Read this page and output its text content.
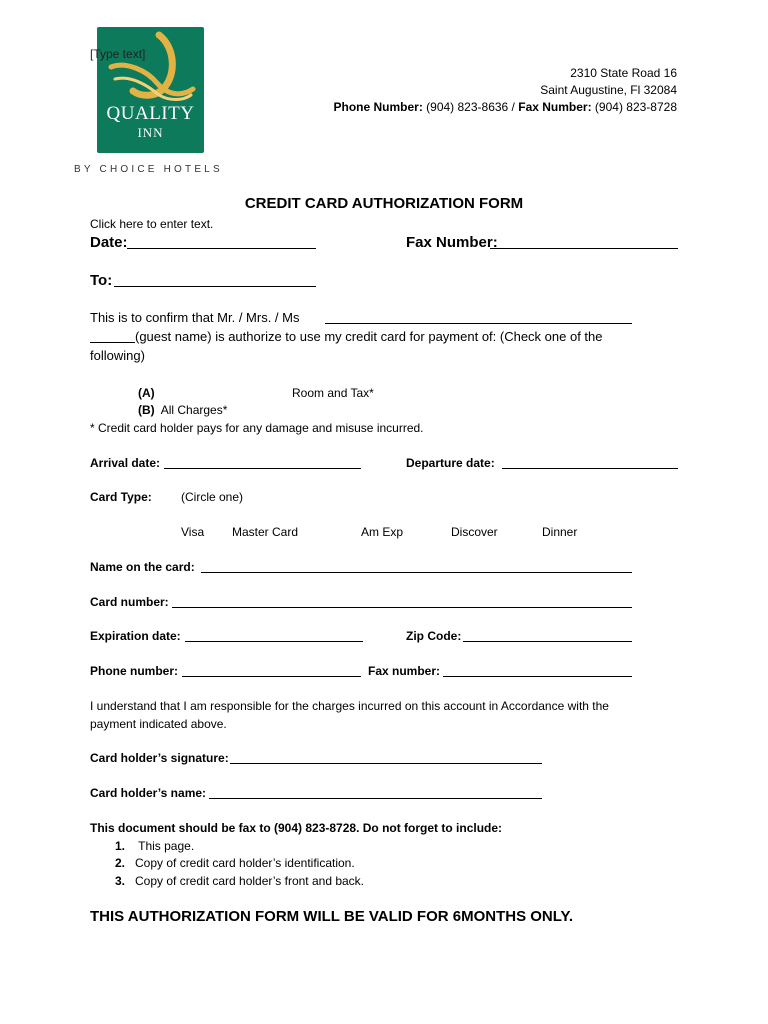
QUALITY
INN
BY CHOICE HOTELS
[Type text]
2310 State Road 16
Saint Augustine, Fl 32084
Phone Number: (904) 823-8636 / Fax Number: (904) 823-8728
CREDIT CARD AUTHORIZATION FORM
Click here to enter text.
Date:	Fax Number:
To:
This is to confirm that Mr. / Mrs. / Ms
(guest name) is authorize to use my credit card for payment of: (Check one of the
following)
(A)	Room and Tax*
(B) All Charges*
* Credit card holder pays for any damage and misuse incurred.
Arrival date:	Departure date:
Card Type: (Circle one)
Visa Master Card	Am Exp	Discover	Dinner
Name on the card:
Card number:
Expiration date:	Zip Code:
Phone number:	Fax number:
I understand that I am responsible for the charges incurred on this account in Accordance with the
payment indicated above.
Card holder’s signature:
Card holder’s name:
This document should be fax to (904) 823-8728. Do not forget to include:
1. This page.
2. Copy of credit card holder’s identification.
3. Copy of credit card holder’s front and back.
THIS AUTHORIZATION FORM WILL BE VALID FOR 6MONTHS ONLY.
